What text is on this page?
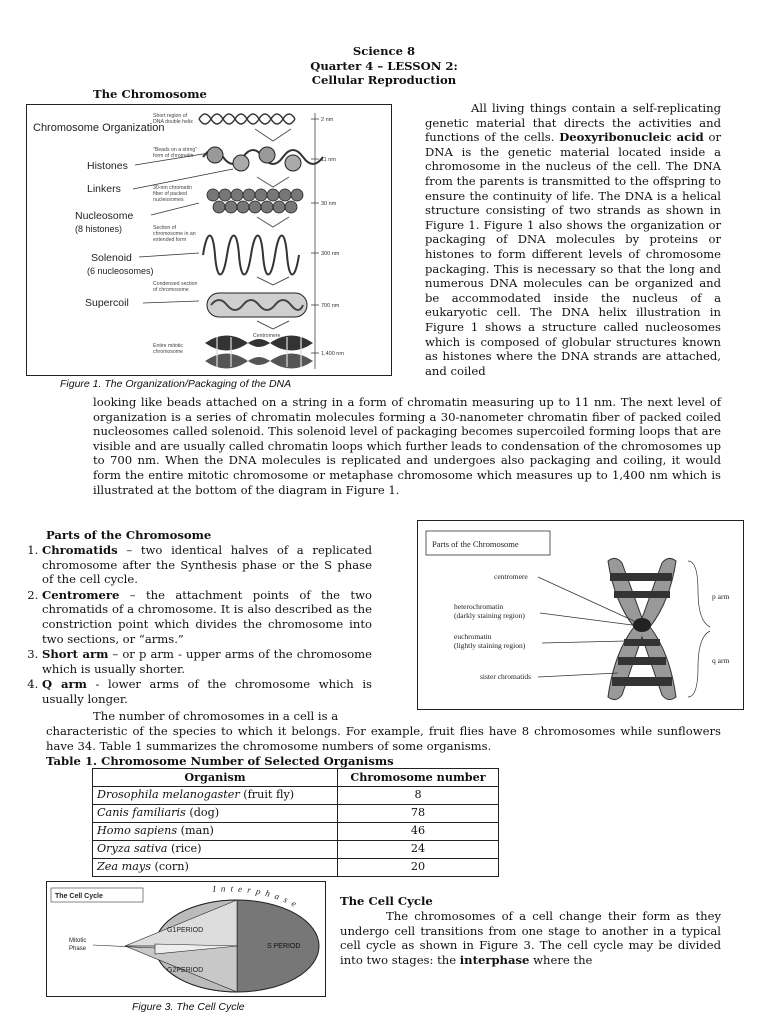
Science 8
Quarter 4 – LESSON 2:
Cellular Reproduction
The Chromosome
Chromosome Organization
Histones
Linkers
Nucleosome
(8 histones)
Solenoid
(6 nucleosomes)
Supercoil
Short region of
DNA double helix
"Beads on a string"
form of chromatin
30-nm chromatin
fiber of packed
nucleosomes
Section of
chromosome in an
extended form
Condensed section
of chromosome
Entire mitotic
chromosome
Centromere
2 nm
11 nm
30 nm
300 nm
700 nm
1,400 nm
Figure 1. The Organization/Packaging of the DNA
All living things contain a self-replicating genetic material that directs the activities and functions of the cells. Deoxyribonucleic acid or DNA is the genetic material located inside a chromosome in the nucleus of the cell. The DNA from the parents is transmitted to the offspring to ensure the continuity of life. The DNA is a helical structure consisting of two strands as shown in Figure 1. Figure 1 also shows the organization or packaging of DNA molecules by proteins or histones to form different levels of chromosome packaging. This is necessary so that the long and numerous DNA molecules can be organized and be accommodated inside the nucleus of a eukaryotic cell. The DNA helix illustration in Figure 1 shows a structure called nucleosomes which is composed of globular structures known as histones where the DNA strands are attached, and coiled
looking like beads attached on a string in a form of chromatin measuring up to 11 nm. The next level of organization is a series of chromatin molecules forming a 30-nanometer chromatin fiber of packed coiled nucleosomes called solenoid. This solenoid level of packaging becomes supercoiled forming loops that are visible and are usually called chromatin loops which further leads to condensation of the chromosomes up to 700 nm. When the DNA molecules is replicated and undergoes also packaging and coiling, it would form the entire mitotic chromosome or metaphase chromosome which measures up to 1,400 nm which is illustrated at the bottom of the diagram in Figure 1.
Parts of the Chromosome
1. Chromatids – two identical halves of a replicated chromosome after the Synthesis phase or the S phase of the cell cycle.
2. Centromere – the attachment points of the two chromatids of a chromosome. It is also described as the constriction point which divides the chromosome into two sections, or “arms.”
3. Short arm – or p arm - upper arms of the chromosome which is usually shorter.
4. Q arm - lower arms of the chromosome which is usually longer.
The number of chromosomes in a cell is a
characteristic of the species to which it belongs. For example, fruit flies have 8 chromosomes while sunflowers have 34. Table 1 summarizes the chromosome numbers of some organisms.
Parts of the Chromosome
centromere
heterochromatin
(darkly staining region)
euchromatin
(lightly staining region)
sister chromatids
p arm
q arm
Table 1. Chromosome Number of Selected Organisms
Organism	Chromosome number
Drosophila melanogaster (fruit fly)	8
Canis familiaris (dog)	78
Homo sapiens (man)	46
Oryza sativa (rice)	24
Zea mays (corn)	20
The Cell Cycle
G1PERIOD
S PERIOD
G2PERIOD
Mitotic
Phase
Interphase
Figure 3. The Cell Cycle
The Cell Cycle
The chromosomes of a cell change their form as they undergo cell transitions from one stage to another in a typical cell cycle as shown in Figure 3. The cell cycle may be divided into two stages: the interphase where the
